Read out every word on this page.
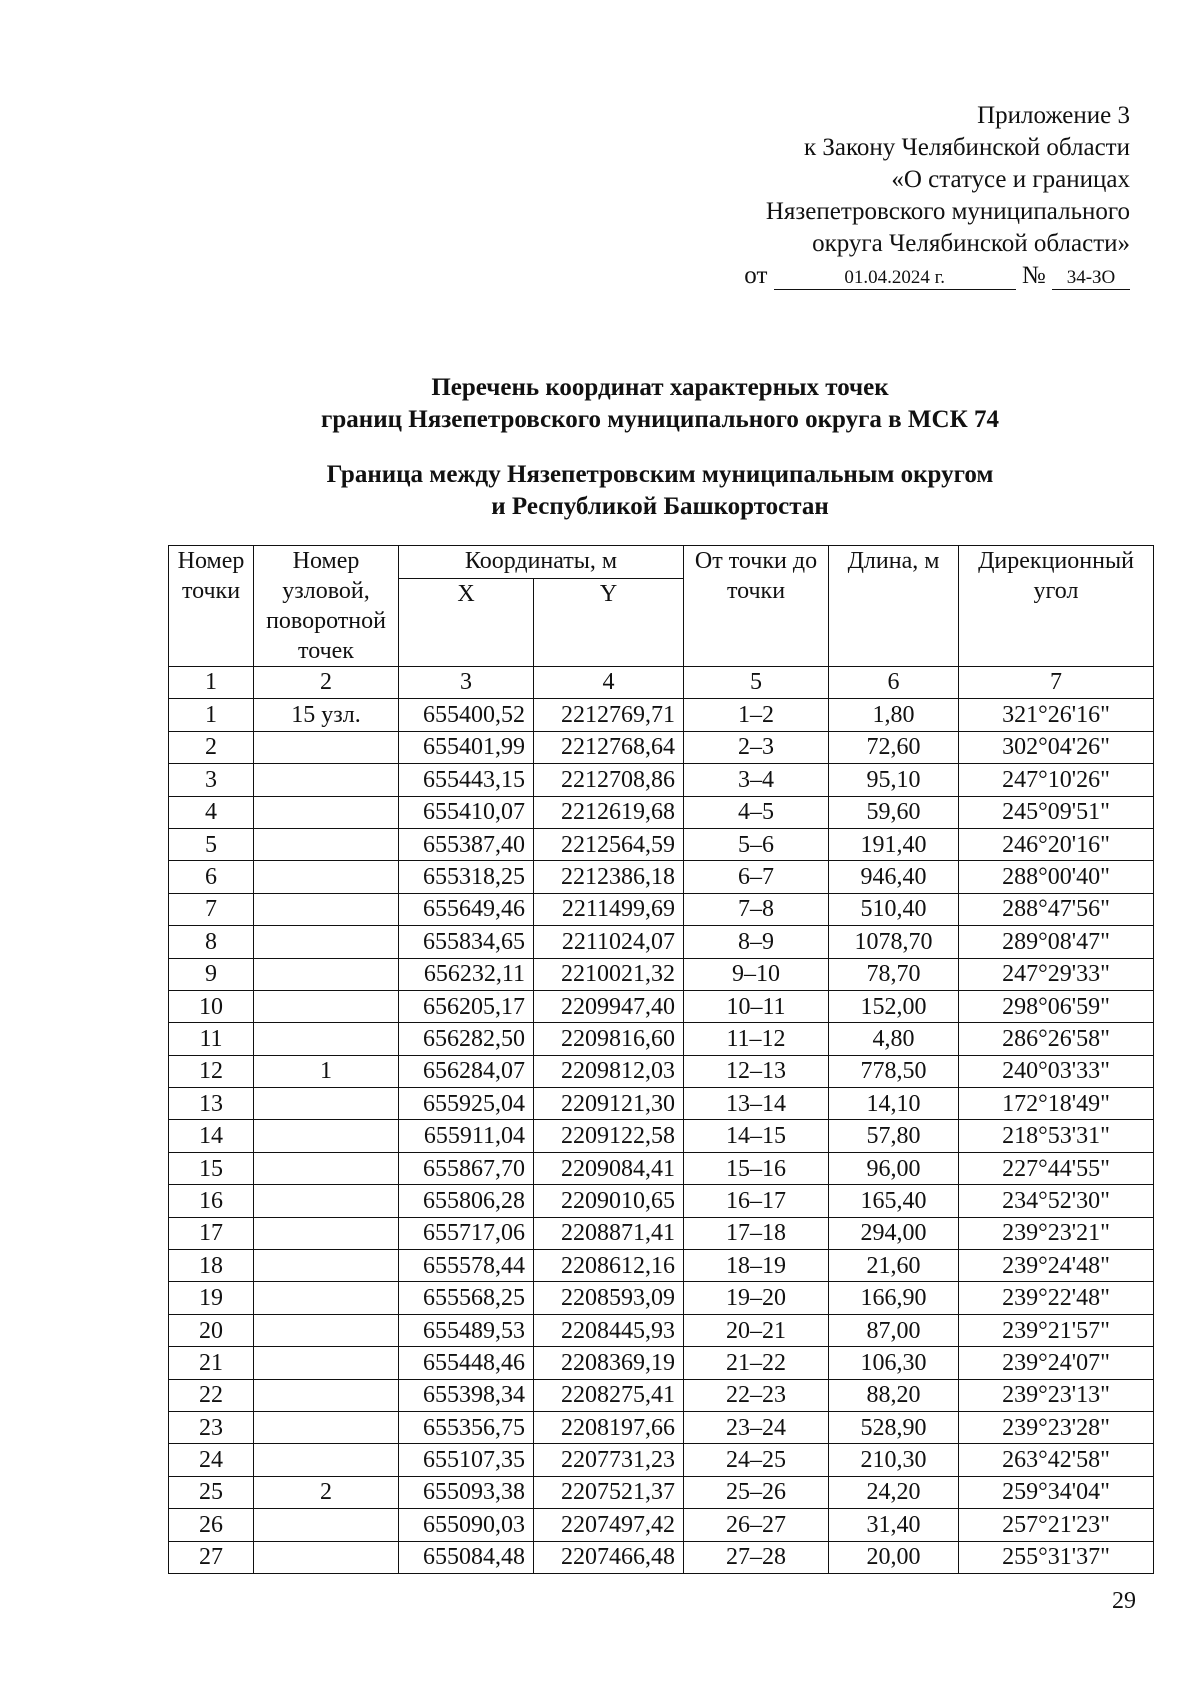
Приложение 3
к Закону Челябинской области
«О статусе и границах
Нязепетровского муниципального
округа Челябинской области»
от	01.04.2024 г.	№ 34-ЗО
Перечень координат характерных точек
границ Нязепетровского муниципального округа в МСК 74
Граница между Нязепетровским муниципальным округом
и Республикой Башкортостан
Номер точки	Номер узловой, поворотной точек	Координаты, м		От точки до точки	Длина, м	Дирекционный угол
		X	Y			
1	2	3	4	5	6	7
1	15 узл.	655400,52	2212769,71	1–2	1,80	321°26'16"
2		655401,99	2212768,64	2–3	72,60	302°04'26"
3		655443,15	2212708,86	3–4	95,10	247°10'26"
4		655410,07	2212619,68	4–5	59,60	245°09'51"
5		655387,40	2212564,59	5–6	191,40	246°20'16"
6		655318,25	2212386,18	6–7	946,40	288°00'40"
7		655649,46	2211499,69	7–8	510,40	288°47'56"
8		655834,65	2211024,07	8–9	1078,70	289°08'47"
9		656232,11	2210021,32	9–10	78,70	247°29'33"
10		656205,17	2209947,40	10–11	152,00	298°06'59"
11		656282,50	2209816,60	11–12	4,80	286°26'58"
12	1	656284,07	2209812,03	12–13	778,50	240°03'33"
13		655925,04	2209121,30	13–14	14,10	172°18'49"
14		655911,04	2209122,58	14–15	57,80	218°53'31"
15		655867,70	2209084,41	15–16	96,00	227°44'55"
16		655806,28	2209010,65	16–17	165,40	234°52'30"
17		655717,06	2208871,41	17–18	294,00	239°23'21"
18		655578,44	2208612,16	18–19	21,60	239°24'48"
19		655568,25	2208593,09	19–20	166,90	239°22'48"
20		655489,53	2208445,93	20–21	87,00	239°21'57"
21		655448,46	2208369,19	21–22	106,30	239°24'07"
22		655398,34	2208275,41	22–23	88,20	239°23'13"
23		655356,75	2208197,66	23–24	528,90	239°23'28"
24		655107,35	2207731,23	24–25	210,30	263°42'58"
25	2	655093,38	2207521,37	25–26	24,20	259°34'04"
26		655090,03	2207497,42	26–27	31,40	257°21'23"
27		655084,48	2207466,48	27–28	20,00	255°31'37"
29
